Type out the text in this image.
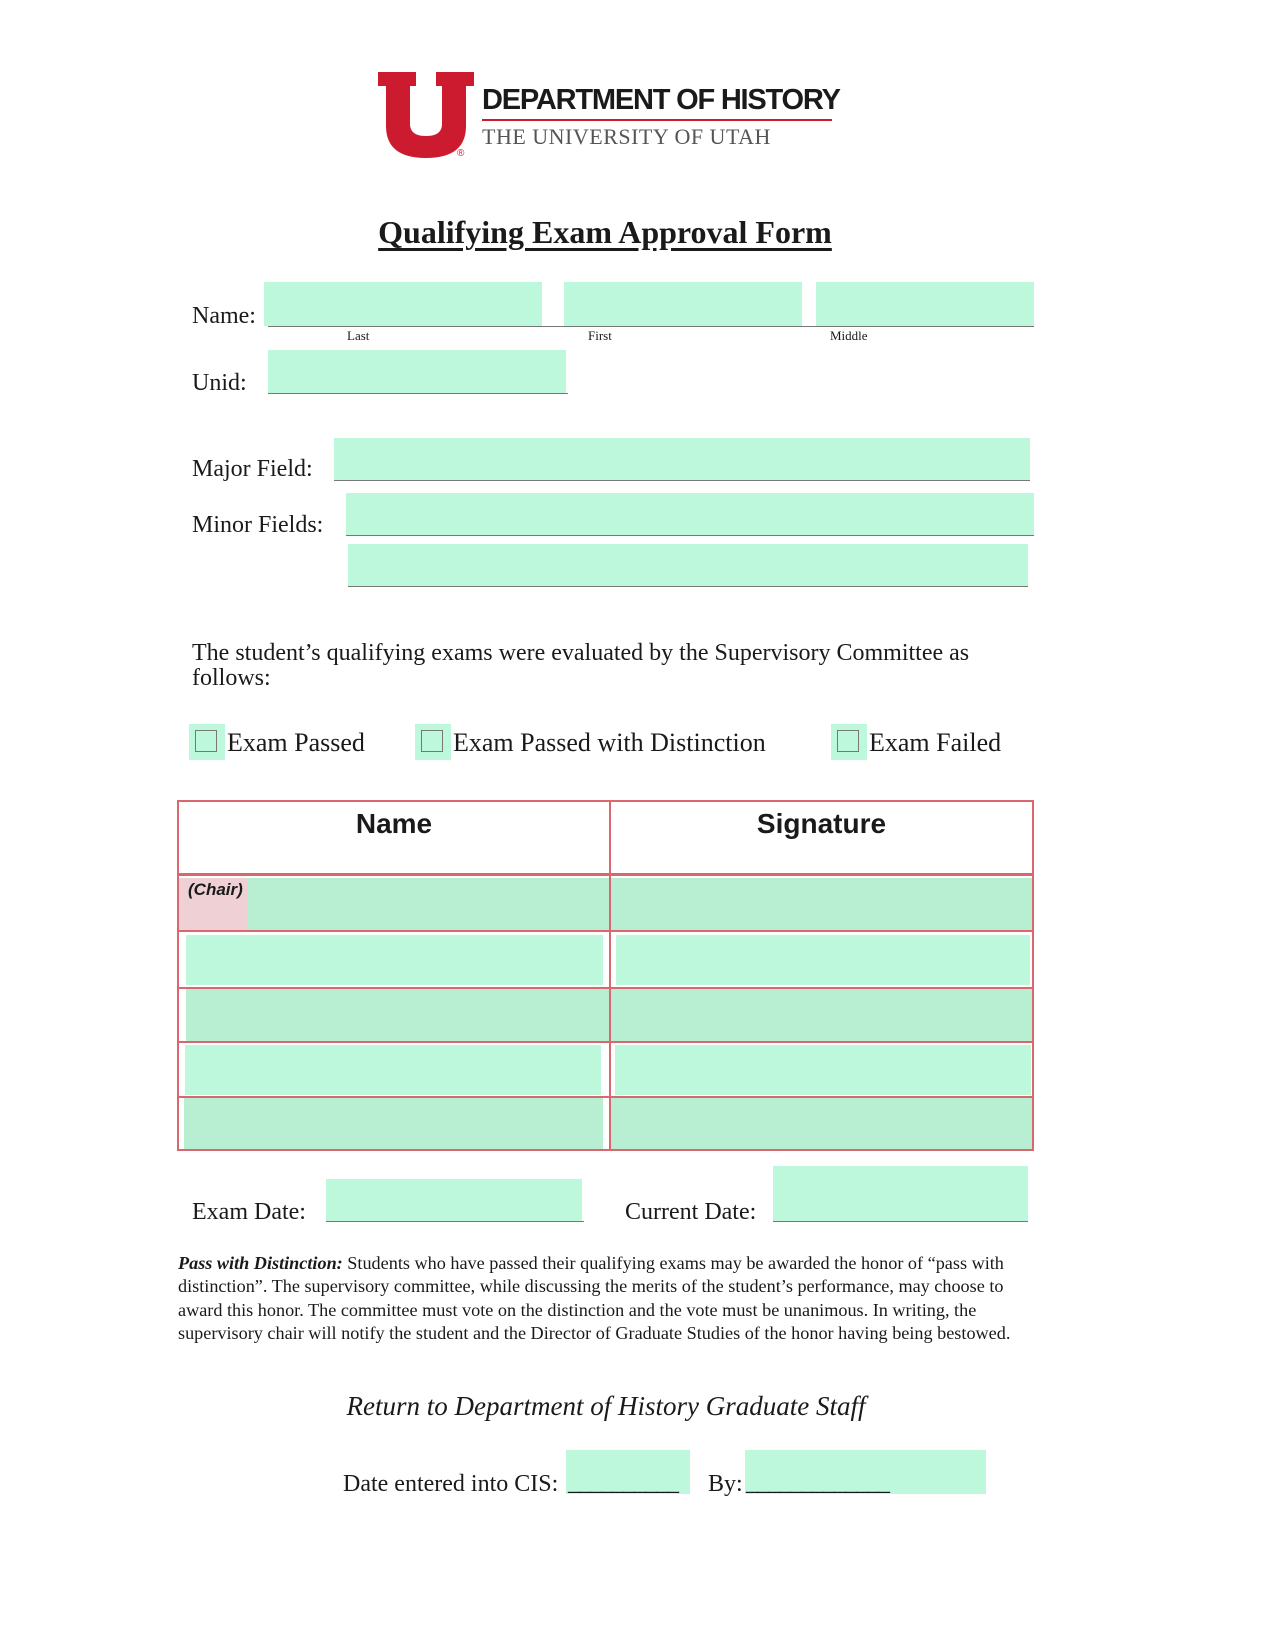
®
DEPARTMENT OF HISTORY
THE UNIVERSITY OF UTAH
Qualifying Exam Approval Form
Name:
Last	First	Middle
Unid:
Major Field:
Minor Fields:
The student’s qualifying exams were evaluated by the Supervisory Committee as follows:
Exam Passed	Exam Passed with Distinction	Exam Failed
Name	Signature
(Chair)
Exam Date:	Current Date:
Pass with Distinction: Students who have passed their qualifying exams may be awarded the honor of “pass with distinction”. The supervisory committee, while discussing the merits of the student’s performance, may choose to award this honor. The committee must vote on the distinction and the vote must be unanimous. In writing, the supervisory chair will notify the student and the Director of Graduate Studies of the honor having being bestowed.
Return to Department of History Graduate Staff
Date entered into CIS: __________ By: _____________
